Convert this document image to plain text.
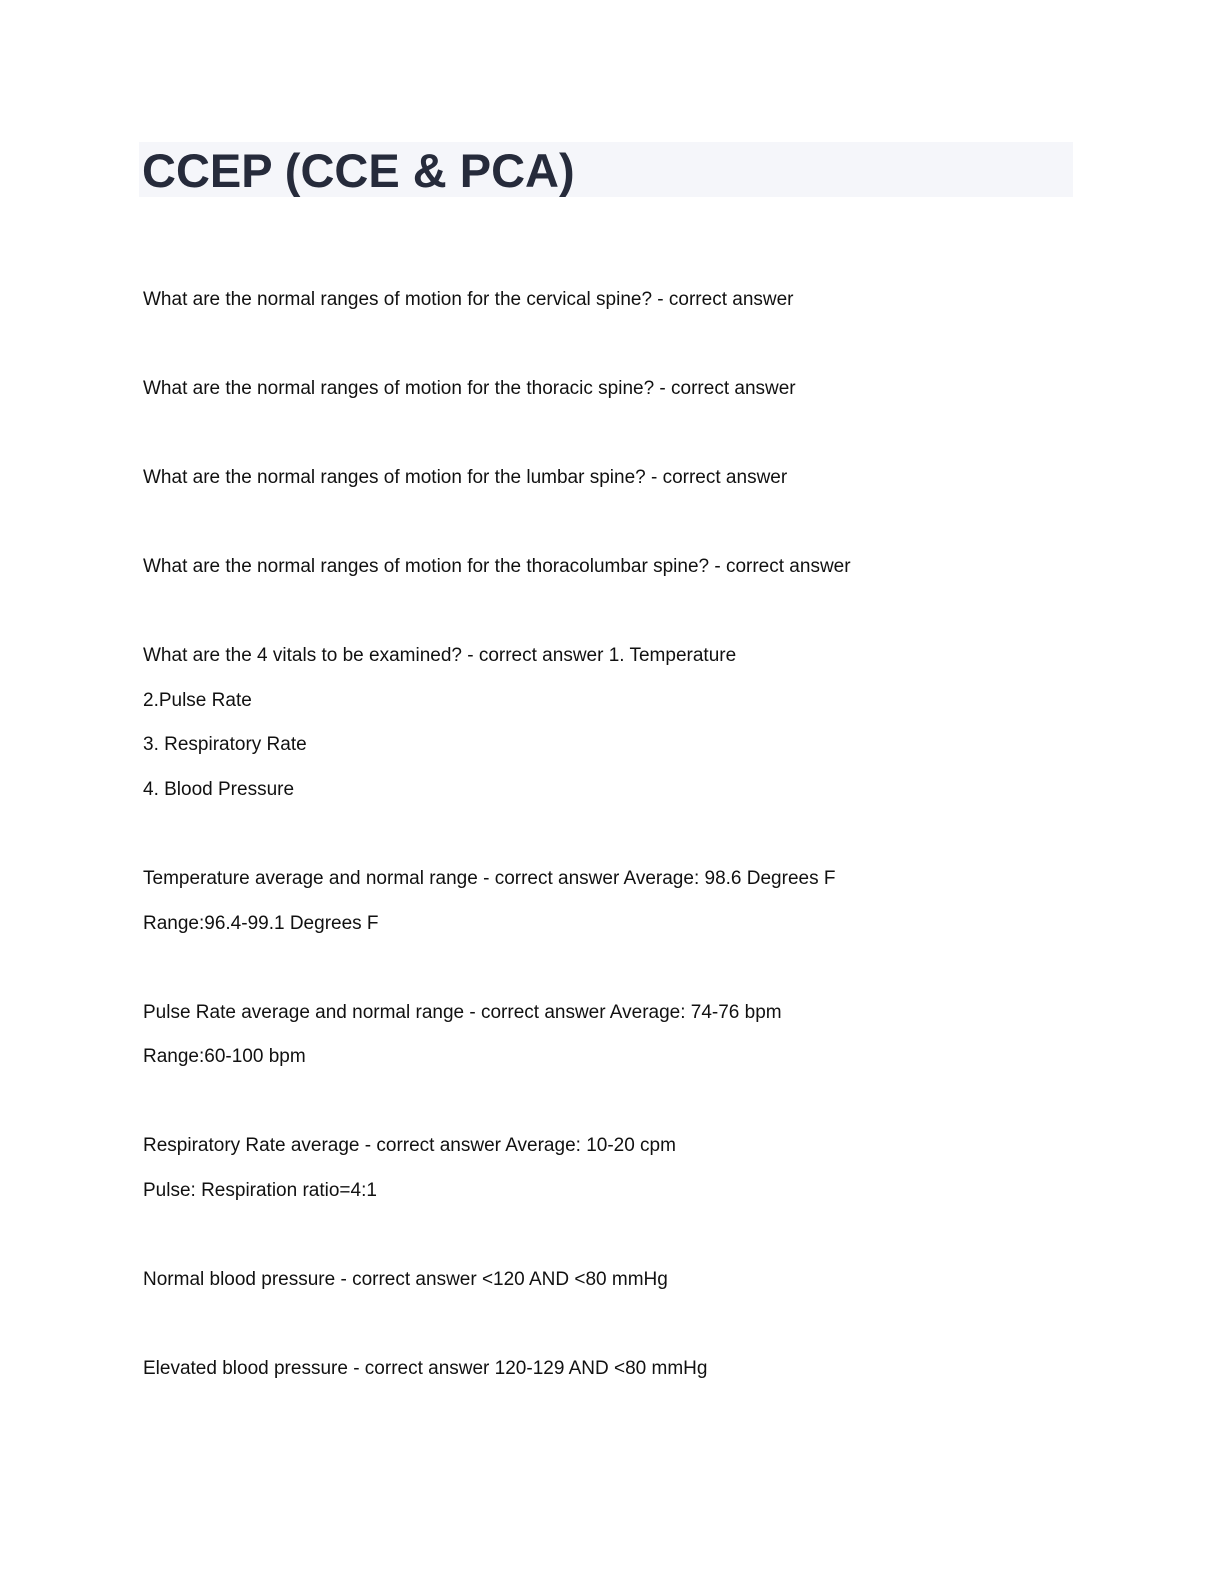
CCEP (CCE & PCA)

What are the normal ranges of motion for the cervical spine? - correct answer

What are the normal ranges of motion for the thoracic spine? - correct answer

What are the normal ranges of motion for the lumbar spine? - correct answer

What are the normal ranges of motion for the thoracolumbar spine? - correct answer

What are the 4 vitals to be examined? - correct answer 1. Temperature

2.Pulse Rate

3. Respiratory Rate

4. Blood Pressure

Temperature average and normal range - correct answer Average: 98.6 Degrees F

Range:96.4-99.1 Degrees F

Pulse Rate average and normal range - correct answer Average: 74-76 bpm

Range:60-100 bpm

Respiratory Rate average - correct answer Average: 10-20 cpm

Pulse: Respiration ratio=4:1

Normal blood pressure - correct answer <120 AND <80 mmHg

Elevated blood pressure - correct answer 120-129 AND <80 mmHg
